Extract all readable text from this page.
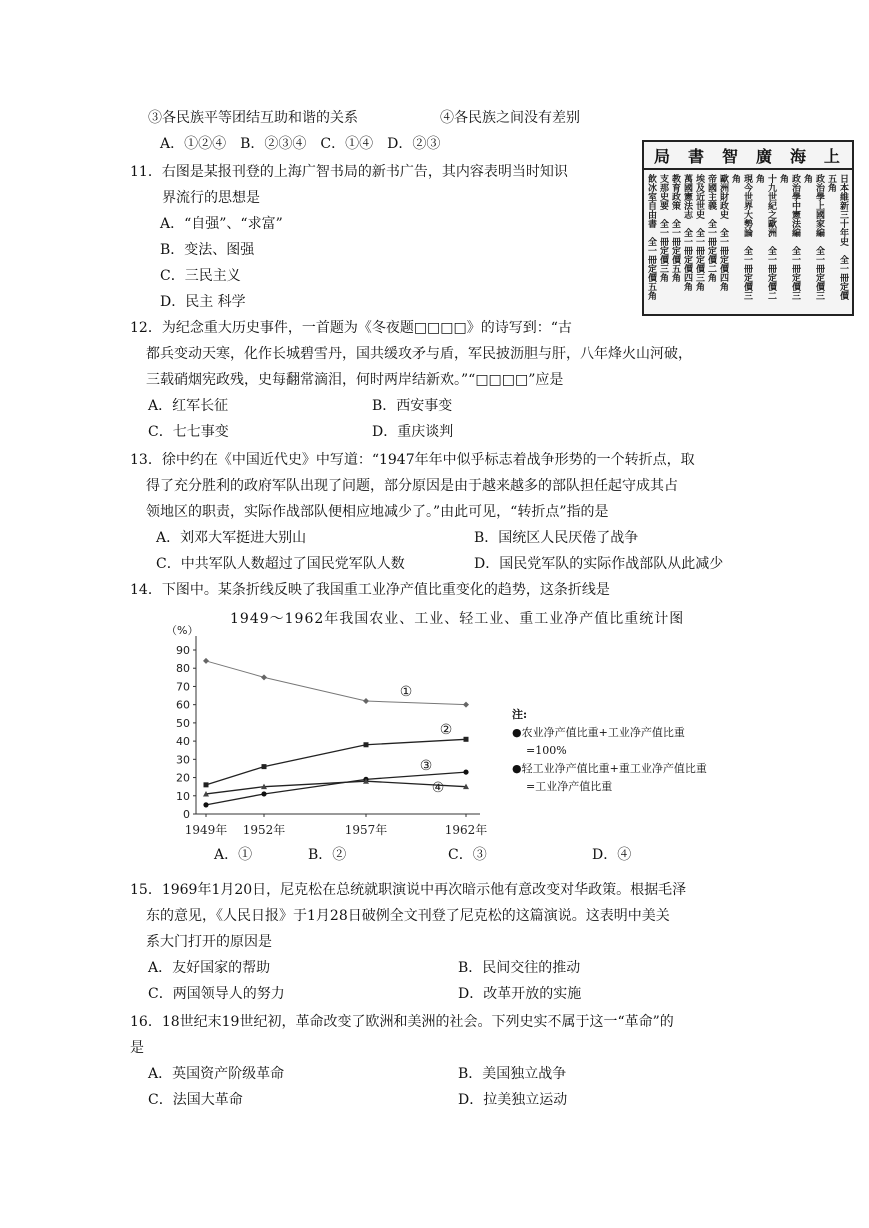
③各民族平等团结互助和谐的关系	④各民族之间没有差别
A．①②④　B．②③④　C．①④　D．②③
11．右图是某报刊登的上海广智书局的新书广告，其内容表明当时知识
界流行的思想是
A．“自强”、“求富”
B．变法、图强
C．三民主义
D．民主 科学
局 書 智 廣 海 上
日本維新三十年史　全一冊定價五角
政治學上國家編　全一冊定價三角
政治學中憲法編　全一冊定價三角
十九世紀之歐洲　全一冊定價二角
現今世界大勢論　全一冊定價三角
歐洲財政史　全一冊定價四角
帝國主義　全一冊定價二角
埃及近世史　全一冊定價三角
萬國憲法志　全一冊定價四角
教育政策　全一冊定價五角
支那史要　全一冊定價三角
飲冰室自由書　全一冊定價五角
12．为纪念重大历史事件，一首题为《冬夜题□□□□》的诗写到：“古
都兵变动天寒，化作长城碧雪丹，国共缓攻矛与盾，军民披沥胆与肝，八年烽火山河破，
三载硝烟宪政残，史每翻常滴泪，何时两岸结新欢。”“□□□□”应是
A．红军长征	B．西安事变
C．七七事变	D．重庆谈判
13．徐中约在《中国近代史》中写道：“1947年年中似乎标志着战争形势的一个转折点，取
得了充分胜利的政府军队出现了问题，部分原因是由于越来越多的部队担任起守成其占
领地区的职责，实际作战部队便相应地减少了。”由此可见，“转折点”指的是
A．刘邓大军挺进大别山	B．国统区人民厌倦了战争
C．中共军队人数超过了国民党军队人数	D．国民党军队的实际作战部队从此减少
14．下图中。某条折线反映了我国重工业净产值比重变化的趋势，这条折线是
1949～1962年我国农业、工业、轻工业、重工业净产值比重统计图
（%）
0
10
20
30
40
50
60
70
80
90
1949年 1952年	1957年	1962年
①
②
③
④
注:
●农业净产值比重+工业净产值比重
=100%
●轻工业净产值比重+重工业净产值比重
=工业净产值比重
A．①	B．②	C．③	D．④
15．1969年1月20日，尼克松在总统就职演说中再次暗示他有意改变对华政策。根据毛泽
东的意见，《人民日报》于1月28日破例全文刊登了尼克松的这篇演说。这表明中美关
系大门打开的原因是
A．友好国家的帮助	B．民间交往的推动
C．两国领导人的努力	D．改革开放的实施
16．18世纪末19世纪初，革命改变了欧洲和美洲的社会。下列史实不属于这一“革命”的
是
A．英国资产阶级革命	B．美国独立战争
C．法国大革命	D．拉美独立运动
